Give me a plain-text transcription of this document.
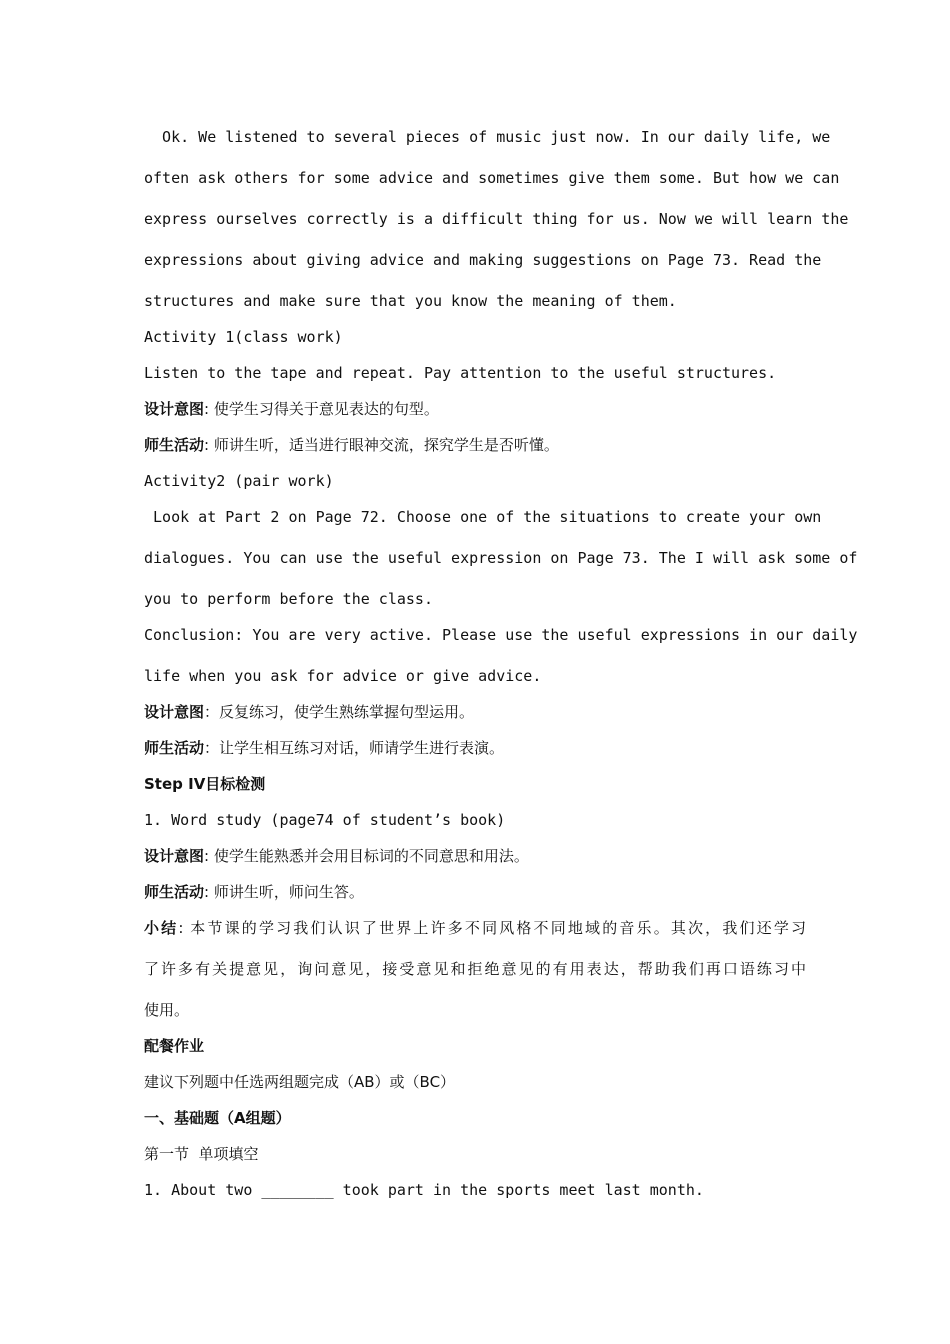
Ok. We listened to several pieces of music just now. In our daily life, we
often ask others for some advice and sometimes give them some. But how we can
express ourselves correctly is a difficult thing for us. Now we will learn the
expressions about giving advice and making suggestions on Page 73. Read the
structures and make sure that you know the meaning of them.
Activity 1(class work)
Listen to the tape and repeat. Pay attention to the useful structures.
设计意图: 使学生习得关于意见表达的句型。
师生活动: 师讲生听，适当进行眼神交流，探究学生是否听懂。
Activity2 (pair work)
Look at Part 2 on Page 72. Choose one of the situations to create your own
dialogues. You can use the useful expression on Page 73. The I will ask some of
you to perform before the class.
Conclusion: You are very active. Please use the useful expressions in our daily
life when you ask for advice or give advice.
设计意图：反复练习，使学生熟练掌握句型运用。
师生活动：让学生相互练习对话，师请学生进行表演。
Step IV目标检测
1. Word study (page74 of student’s book)
设计意图: 使学生能熟悉并会用目标词的不同意思和用法。
师生活动: 师讲生听，师问生答。
小结: 本节课的学习我们认识了世界上许多不同风格不同地域的音乐。其次，我们还学习
了许多有关提意见，询问意见，接受意见和拒绝意见的有用表达，帮助我们再口语练习中
使用。
配餐作业
建议下列题中任选两组题完成（AB）或（BC）
一、基础题（A组题）
第一节  单项填空
1. About two ________ took part in the sports meet last month.
